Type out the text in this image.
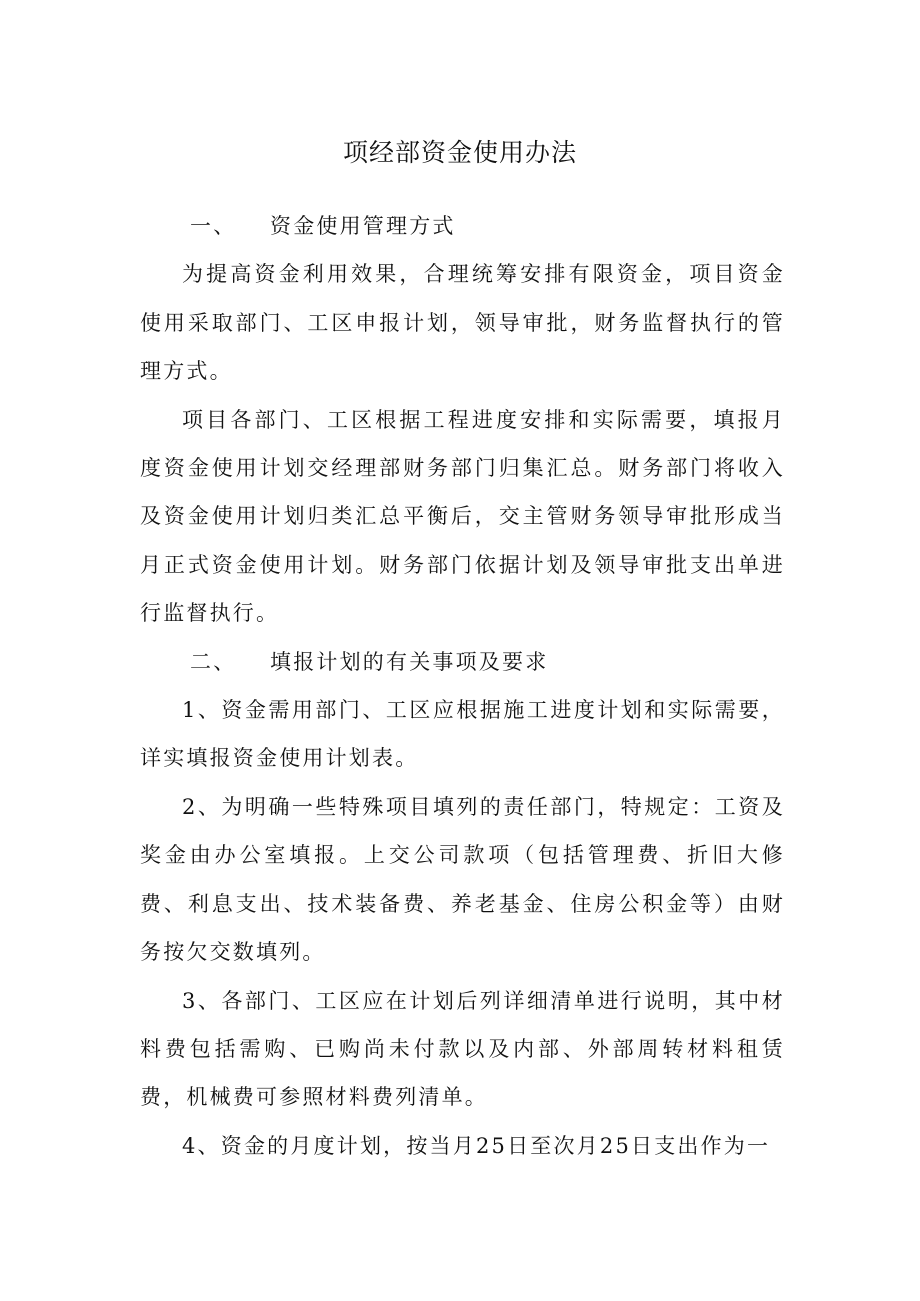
项经部资金使用办法
一、 资金使用管理方式

为提高资金利用效果，合理统筹安排有限资金，项目资金使用采取部门、工区申报计划，领导审批，财务监督执行的管理方式。

项目各部门、工区根据工程进度安排和实际需要，填报月度资金使用计划交经理部财务部门归集汇总。财务部门将收入及资金使用计划归类汇总平衡后，交主管财务领导审批形成当月正式资金使用计划。财务部门依据计划及领导审批支出单进行监督执行。

二、 填报计划的有关事项及要求

1、资金需用部门、工区应根据施工进度计划和实际需要，详实填报资金使用计划表。

2、为明确一些特殊项目填列的责任部门，特规定：工资及奖金由办公室填报。上交公司款项（包括管理费、折旧大修费、利息支出、技术装备费、养老基金、住房公积金等）由财务按欠交数填列。

3、各部门、工区应在计划后列详细清单进行说明，其中材料费包括需购、已购尚未付款以及内部、外部周转材料租赁费，机械费可参照材料费列清单。

4、资金的月度计划，按当月25日至次月25日支出作为一
